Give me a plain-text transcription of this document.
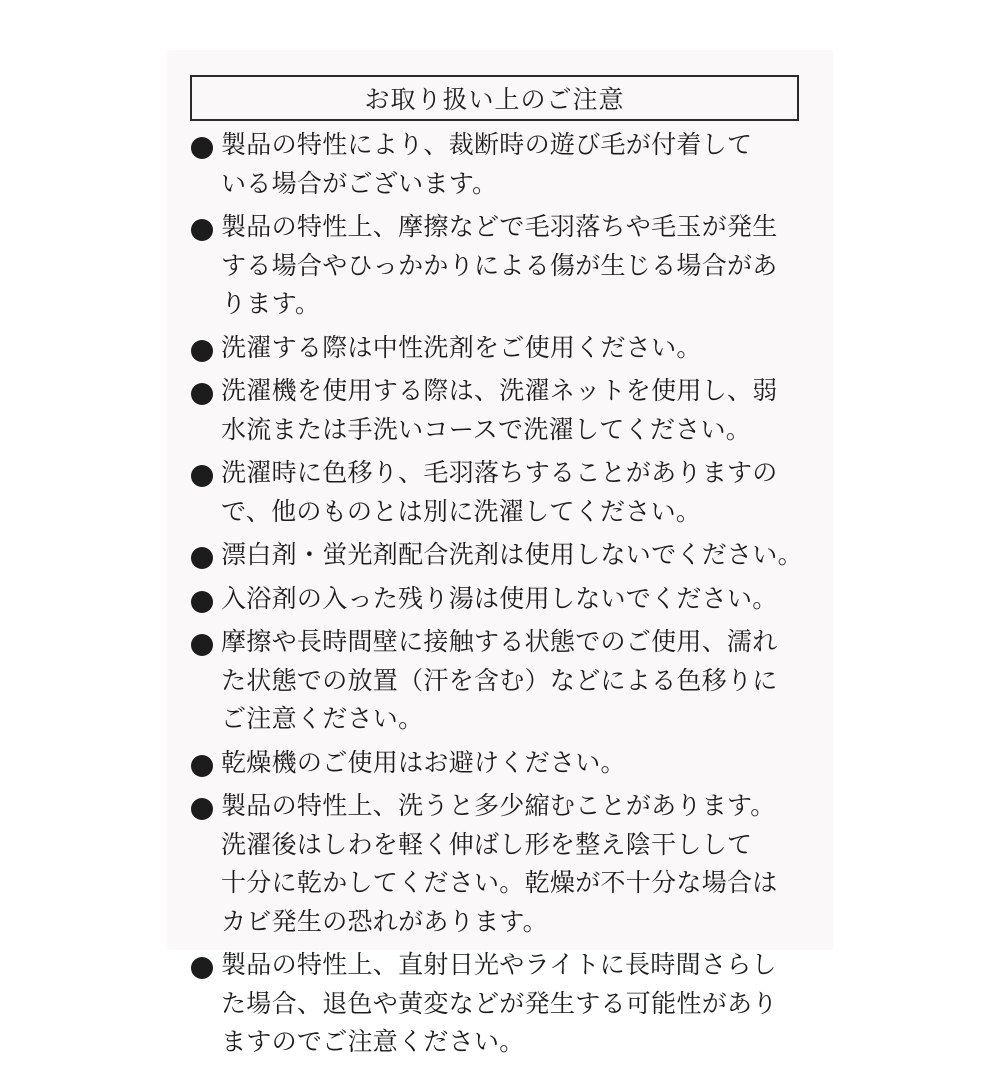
お取り扱い上のご注意
製品の特性により、裁断時の遊び毛が付着して
いる場合がございます。
製品の特性上、摩擦などで毛羽落ちや毛玉が発生
する場合やひっかかりによる傷が生じる場合があ
ります。
洗濯する際は中性洗剤をご使用ください。
洗濯機を使用する際は、洗濯ネットを使用し、弱
水流または手洗いコースで洗濯してください。
洗濯時に色移り、毛羽落ちすることがありますの
で、他のものとは別に洗濯してください。
漂白剤・蛍光剤配合洗剤は使用しないでください。
入浴剤の入った残り湯は使用しないでください。
摩擦や長時間壁に接触する状態でのご使用、濡れ
た状態での放置（汗を含む）などによる色移りに
ご注意ください。
乾燥機のご使用はお避けください。
製品の特性上、洗うと多少縮むことがあります。
洗濯後はしわを軽く伸ばし形を整え陰干しして
十分に乾かしてください。乾燥が不十分な場合は
カビ発生の恐れがあります。
製品の特性上、直射日光やライトに長時間さらし
た場合、退色や黄変などが発生する可能性があり
ますのでご注意ください。
